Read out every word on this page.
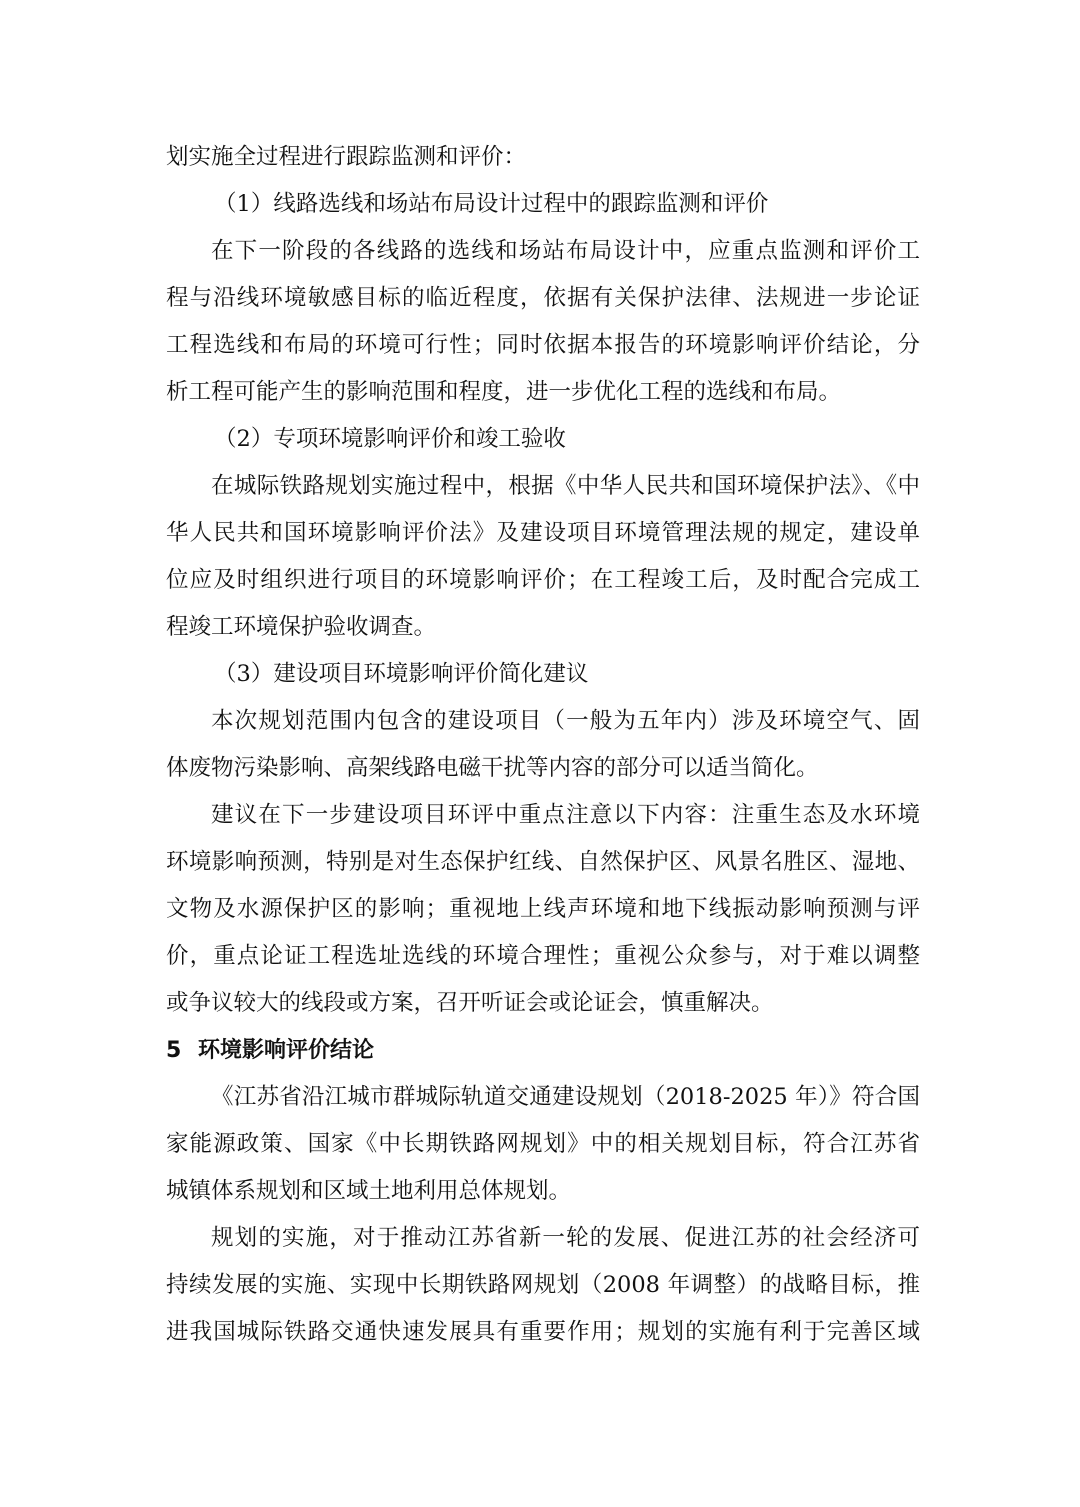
划实施全过程进行跟踪监测和评价：
（1）线路选线和场站布局设计过程中的跟踪监测和评价
在下一阶段的各线路的选线和场站布局设计中，应重点监测和评价工
程与沿线环境敏感目标的临近程度，依据有关保护法律、法规进一步论证
工程选线和布局的环境可行性；同时依据本报告的环境影响评价结论，分
析工程可能产生的影响范围和程度，进一步优化工程的选线和布局。
（2）专项环境影响评价和竣工验收
在城际铁路规划实施过程中，根据《中华人民共和国环境保护法》、《中
华人民共和国环境影响评价法》及建设项目环境管理法规的规定，建设单
位应及时组织进行项目的环境影响评价；在工程竣工后，及时配合完成工
程竣工环境保护验收调查。
（3）建设项目环境影响评价简化建议
本次规划范围内包含的建设项目（一般为五年内）涉及环境空气、固
体废物污染影响、高架线路电磁干扰等内容的部分可以适当简化。
建议在下一步建设项目环评中重点注意以下内容：注重生态及水环境
环境影响预测，特别是对生态保护红线、自然保护区、风景名胜区、湿地、
文物及水源保护区的影响；重视地上线声环境和地下线振动影响预测与评
价，重点论证工程选址选线的环境合理性；重视公众参与，对于难以调整
或争议较大的线段或方案，召开听证会或论证会，慎重解决。
5 环境影响评价结论
《江苏省沿江城市群城际轨道交通建设规划（2018-2025 年）》符合国
家能源政策、国家《中长期铁路网规划》中的相关规划目标，符合江苏省
城镇体系规划和区域土地利用总体规划。
规划的实施，对于推动江苏省新一轮的发展、促进江苏的社会经济可
持续发展的实施、实现中长期铁路网规划（2008 年调整）的战略目标，推
进我国城际铁路交通快速发展具有重要作用；规划的实施有利于完善区域
